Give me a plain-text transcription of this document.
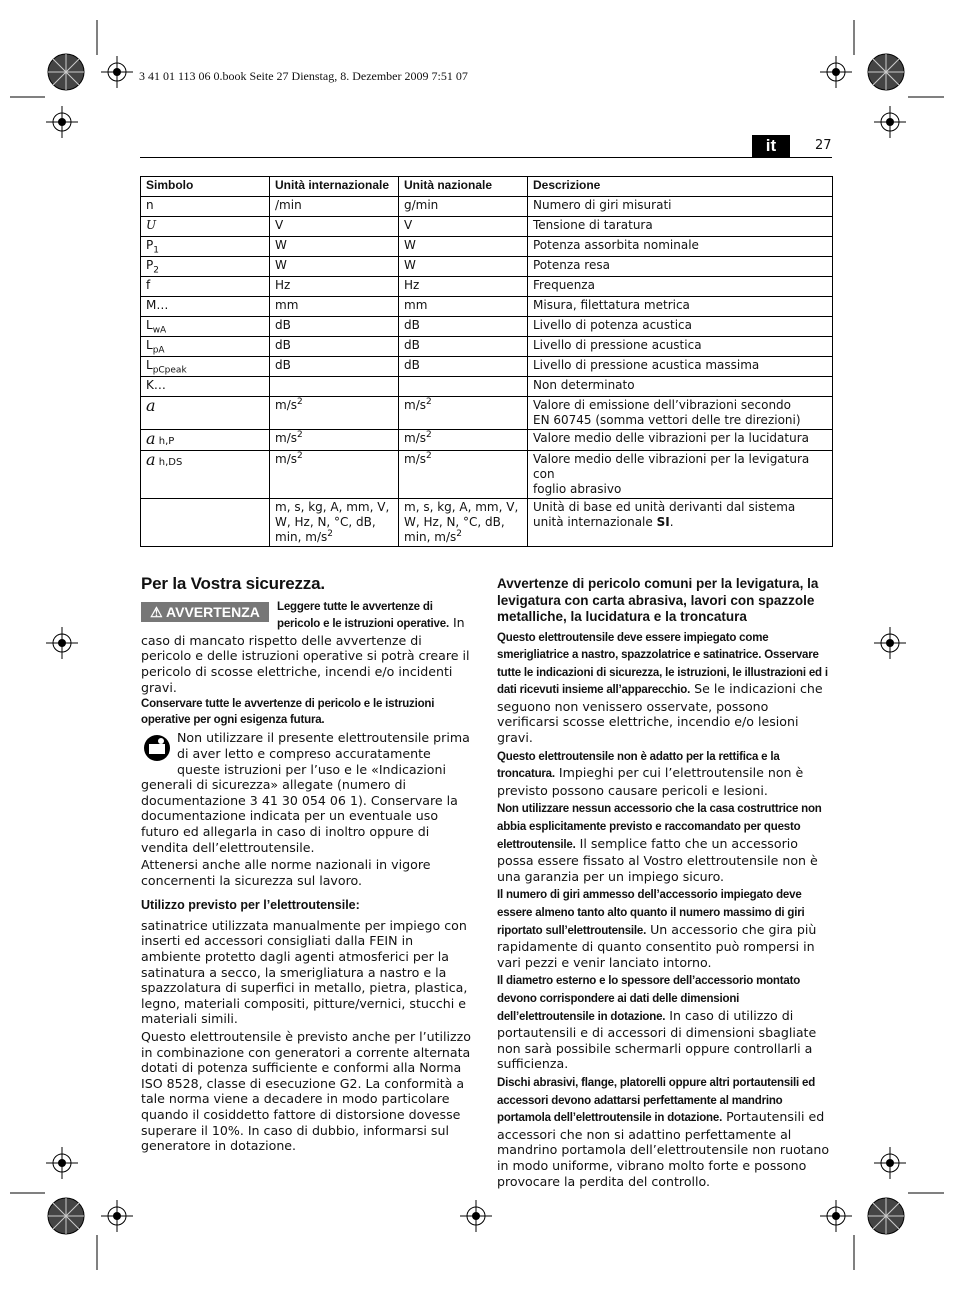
3 41 01 113 06 0.book Seite 27 Dienstag, 8. Dezember 2009 7:51 07
it	27
Simbolo	Unità internazionale	Unità nazionale	Descrizione
n	/min	g/min	Numero di giri misurati
U	V	V	Tensione di taratura
$P_1$	W	W	Potenza assorbita nominale
$P_2$	W	W	Potenza resa
f	Hz	Hz	Frequenza
M…	mm	mm	Misura, filettatura metrica
$L_{wA}$	dB	dB	Livello di potenza acustica
$L_{pA}$	dB	dB	Livello di pressione acustica
$L_{pCpeak}$	dB	dB	Livello di pressione acustica massima
K…			Non determinato
a	$m/s^2$	$m/s^2$	Valore di emissione dell’vibrazioni secondo
EN 60745 (somma vettori delle tre direzioni)

a h,P	$m/s^2$	$m/s^2$	Valore medio delle vibrazioni per la lucidatura
a h,DS	$m/s^2$	$m/s^2$	Valore medio delle vibrazioni per la levigatura con
foglio abrasivo

	m, s, kg, A, mm, V, W, Hz, N, °C, dB, min, $m/s^2$	m, s, kg, A, mm, V, W, Hz, N, °C, dB, min, $m/s^2$	Unità di base ed unità derivanti dal sistema unità internazionale SI.
Per la Vostra sicurezza.
⚠ AVVERTENZA	Leggere tutte le avvertenze di pericolo e le istruzioni operative. In caso di mancato rispetto delle avvertenze di pericolo e delle istruzioni operative si potrà creare il pericolo di scosse elettriche, incendi e/o incidenti gravi.

Conservare tutte le avvertenze di pericolo e le istruzioni operative per ogni esigenza futura.

Non utilizzare il presente elettroutensile prima di aver letto e compreso accuratamente queste istruzioni per l’uso e le «Indicazioni generali di sicurezza» allegate (numero di documentazione 3 41 30 054 06 1). Conservare la documentazione indicata per un eventuale uso futuro ed allegarla in caso di inoltro oppure di vendita dell’elettroutensile.

Attenersi anche alle norme nazionali in vigore concernenti la sicurezza sul lavoro.

Utilizzo previsto per l’elettroutensile:

satinatrice utilizzata manualmente per impiego con inserti ed accessori consigliati dalla FEIN in ambiente protetto dagli agenti atmosferici per la satinatura a secco, la smerigliatura a nastro e la spazzolatura di superfici in metallo, pietra, plastica, legno, materiali compositi, pitture/vernici, stucchi e materiali simili.

Questo elettroutensile è previsto anche per l’utilizzo in combinazione con generatori a corrente alternata dotati di potenza sufficiente e conformi alla Norma ISO 8528, classe di esecuzione G2. La conformità a tale norma viene a decadere in modo particolare quando il cosiddetto fattore di distorsione dovesse superare il 10%. In caso di dubbio, informarsi sul generatore in dotazione.

Avvertenze di pericolo comuni per la levigatura, la levigatura con carta abrasiva, lavori con spazzole metalliche, la lucidatura e la troncatura

Questo elettroutensile deve essere impiegato come smerigliatrice a nastro, spazzolatrice e satinatrice. Osservare tutte le indicazioni di sicurezza, le istruzioni, le illustrazioni ed i dati ricevuti insieme all’apparecchio. Se le indicazioni che seguono non venissero osservate, possono verificarsi scosse elettriche, incendio e/o lesioni gravi.

Questo elettroutensile non è adatto per la rettifica e la troncatura. Impieghi per cui l’elettroutensile non è previsto possono causare pericoli e lesioni.

Non utilizzare nessun accessorio che la casa costruttrice non abbia esplicitamente previsto e raccomandato per questo elettroutensile. Il semplice fatto che un accessorio possa essere fissato al Vostro elettroutensile non è una garanzia per un impiego sicuro.

Il numero di giri ammesso dell’accessorio impiegato deve essere almeno tanto alto quanto il numero massimo di giri riportato sull’elettroutensile. Un accessorio che gira più rapidamente di quanto consentito può rompersi in vari pezzi e venir lanciato intorno.

Il diametro esterno e lo spessore dell’accessorio montato devono corrispondere ai dati delle dimensioni dell’elettroutensile in dotazione. In caso di utilizzo di portautensili e di accessori di dimensioni sbagliate non sarà possibile schermarli oppure controllarli a sufficienza.

Dischi abrasivi, flange, platorelli oppure altri portautensili ed accessori devono adattarsi perfettamente al mandrino portamola dell’elettroutensile in dotazione. Portautensili ed accessori che non si adattino perfettamente al mandrino portamola dell’elettroutensile non ruotano in modo uniforme, vibrano molto forte e possono provocare la perdita del controllo.
